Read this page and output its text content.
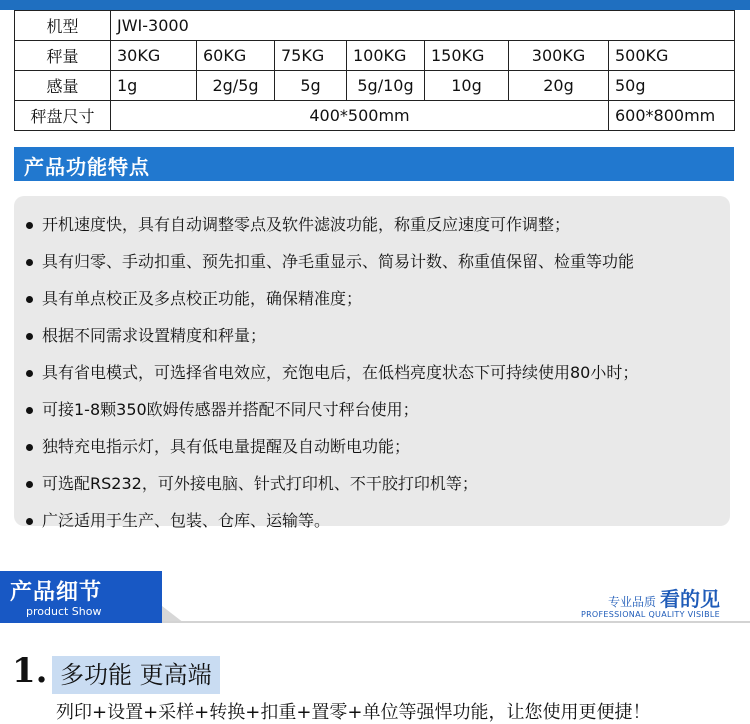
机型	JWI-3000						
秤量	30KG	60KG	75KG	100KG	150KG	300KG	500KG
感量	1g	2g/5g	5g	5g/10g	10g	20g	50g
秤盘尺寸	400*500mm						600*800mm
产品功能特点
开机速度快，具有自动调整零点及软件滤波功能，称重反应速度可作调整；
具有归零、手动扣重、预先扣重、净毛重显示、简易计数、称重值保留、检重等功能
具有单点校正及多点校正功能，确保精准度；
根据不同需求设置精度和秤量；
具有省电模式，可选择省电效应，充饱电后，在低档亮度状态下可持续使用80小时；
可接1-8颗350欧姆传感器并搭配不同尺寸秤台使用；
独特充电指示灯，具有低电量提醒及自动断电功能；
可选配RS232，可外接电脑、针式打印机、不干胶打印机等；
广泛适用于生产、包装、仓库、运输等。
产品细节
product Show
专业品质 看的见
PROFESSIONAL QUALITY VISIBLE
1. 多功能 更高端
列印+设置+采样+转换+扣重+置零+单位等强悍功能，让您使用更便捷！
